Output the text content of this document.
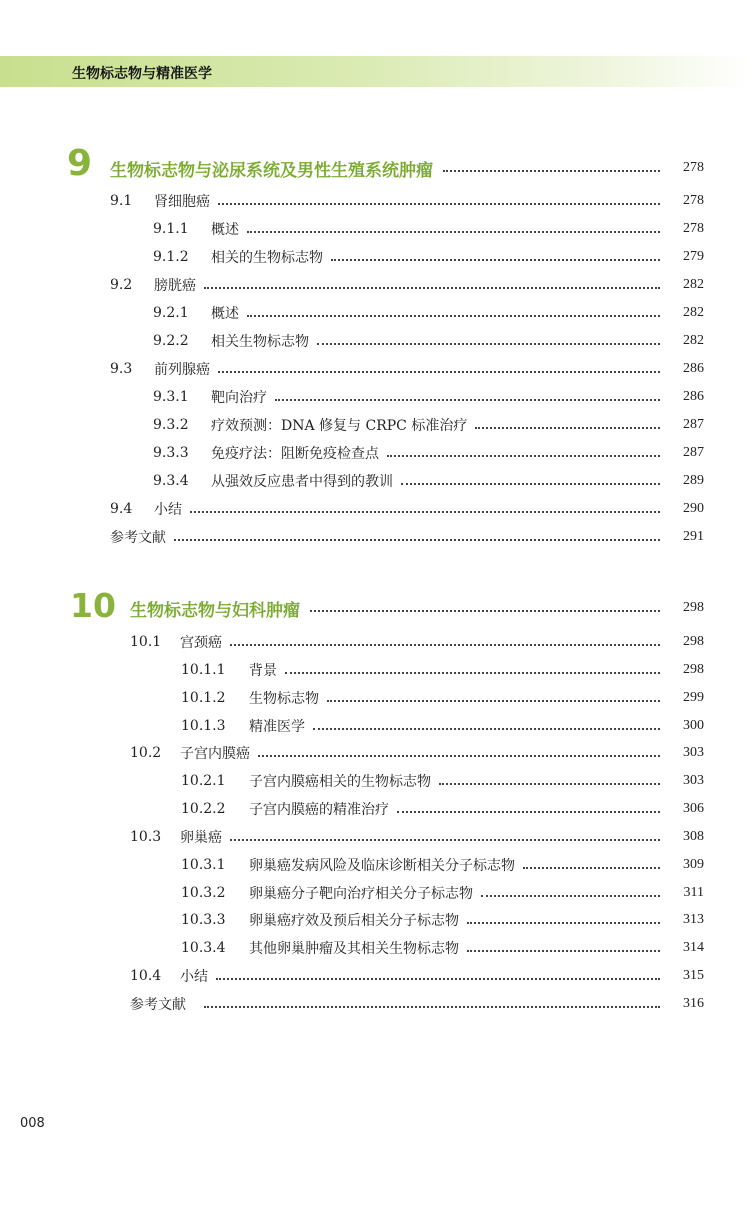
生物标志物与精准医学
9 生物标志物与泌尿系统及男性生殖系统肿瘤	278
9.1	肾细胞癌	278
9.1.1	概述	278
9.1.2	相关的生物标志物	279
9.2	膀胱癌	282
9.2.1	概述	282
9.2.2	相关生物标志物	282
9.3	前列腺癌	286
9.3.1	靶向治疗	286
9.3.2	疗效预测：DNA 修复与 CRPC 标准治疗	287
9.3.3	免疫疗法：阻断免疫检查点	287
9.3.4	从强效反应患者中得到的教训	289
9.4	小结	290
参考文献	291
10 生物标志物与妇科肿瘤	298
10.1	宫颈癌	298
10.1.1	背景	298
10.1.2	生物标志物	299
10.1.3	精准医学	300
10.2	子宫内膜癌	303
10.2.1	子宫内膜癌相关的生物标志物	303
10.2.2	子宫内膜癌的精准治疗	306
10.3	卵巢癌	308
10.3.1	卵巢癌发病风险及临床诊断相关分子标志物	309
10.3.2	卵巢癌分子靶向治疗相关分子标志物	311
10.3.3	卵巢癌疗效及预后相关分子标志物	313
10.3.4	其他卵巢肿瘤及其相关生物标志物	314
10.4	小结	315
参考文献	316
008
